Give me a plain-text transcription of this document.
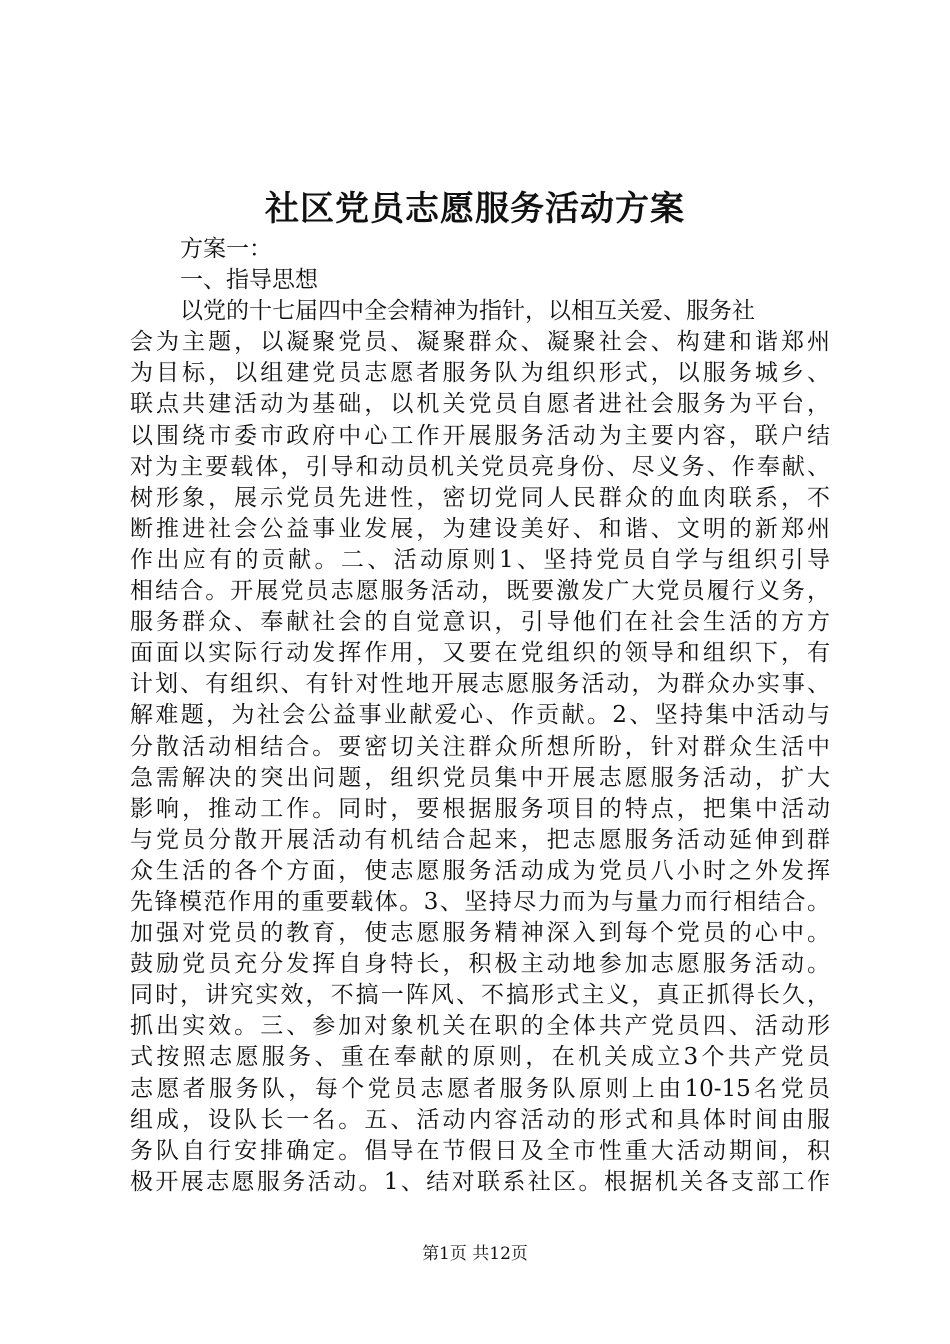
社区党员志愿服务活动方案
方案一：
一、指导思想
以党的十七届四中全会精神为指针，以相互关爱、服务社
会为主题，以凝聚党员、凝聚群众、凝聚社会、构建和谐郑州
为目标，以组建党员志愿者服务队为组织形式，以服务城乡、
联点共建活动为基础，以机关党员自愿者进社会服务为平台，
以围绕市委市政府中心工作开展服务活动为主要内容，联户结
对为主要载体，引导和动员机关党员亮身份、尽义务、作奉献、
树形象，展示党员先进性，密切党同人民群众的血肉联系，不
断推进社会公益事业发展，为建设美好、和谐、文明的新郑州
作出应有的贡献。二、活动原则1、坚持党员自学与组织引导
相结合。开展党员志愿服务活动，既要激发广大党员履行义务，
服务群众、奉献社会的自觉意识，引导他们在社会生活的方方
面面以实际行动发挥作用，又要在党组织的领导和组织下，有
计划、有组织、有针对性地开展志愿服务活动，为群众办实事、
解难题，为社会公益事业献爱心、作贡献。2、坚持集中活动与
分散活动相结合。要密切关注群众所想所盼，针对群众生活中
急需解决的突出问题，组织党员集中开展志愿服务活动，扩大
影响，推动工作。同时，要根据服务项目的特点，把集中活动
与党员分散开展活动有机结合起来，把志愿服务活动延伸到群
众生活的各个方面，使志愿服务活动成为党员八小时之外发挥
先锋模范作用的重要载体。3、坚持尽力而为与量力而行相结合。
加强对党员的教育，使志愿服务精神深入到每个党员的心中。
鼓励党员充分发挥自身特长，积极主动地参加志愿服务活动。
同时，讲究实效，不搞一阵风、不搞形式主义，真正抓得长久，
抓出实效。三、参加对象机关在职的全体共产党员四、活动形
式按照志愿服务、重在奉献的原则，在机关成立3个共产党员
志愿者服务队，每个党员志愿者服务队原则上由10-15名党员
组成，设队长一名。五、活动内容活动的形式和具体时间由服
务队自行安排确定。倡导在节假日及全市性重大活动期间，积
极开展志愿服务活动。1、结对联系社区。根据机关各支部工作
第1页 共12页
